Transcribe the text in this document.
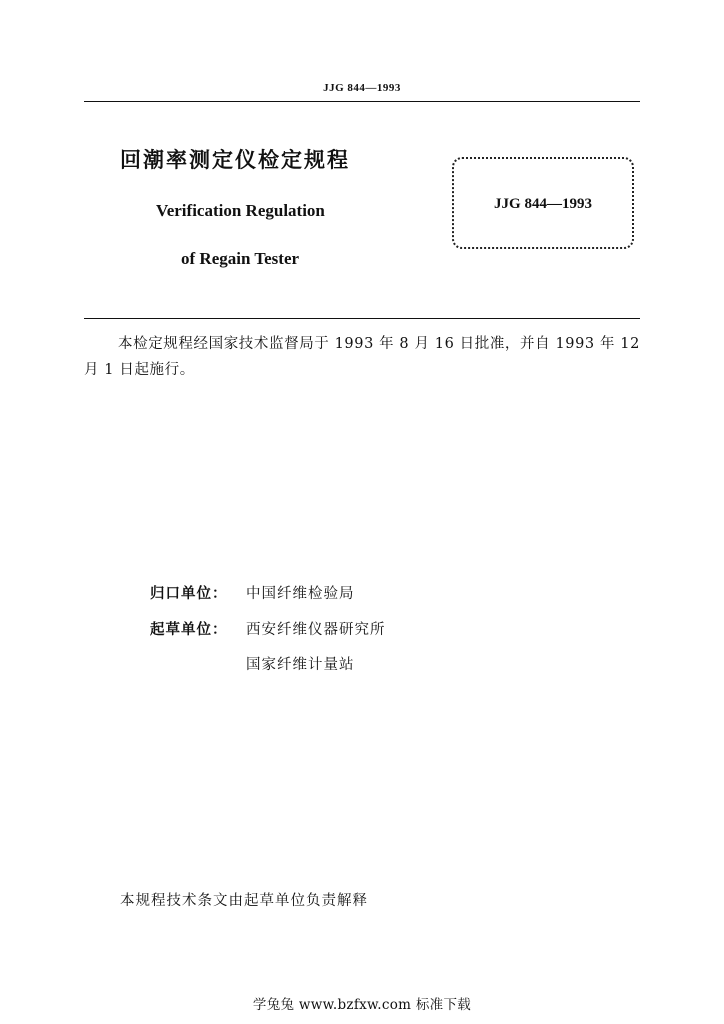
JJG 844—1993
回潮率测定仪检定规程
Verification Regulation
of Regain Tester
JJG 844—1993
本检定规程经国家技术监督局于 1993 年 8 月 16 日批准，并自 1993 年 12 月 1 日起施行。
归口单位： 中国纤维检验局
起草单位： 西安纤维仪器研究所
国家纤维计量站
本规程技术条文由起草单位负责解释
学兔兔 www.bzfxw.com 标准下载
